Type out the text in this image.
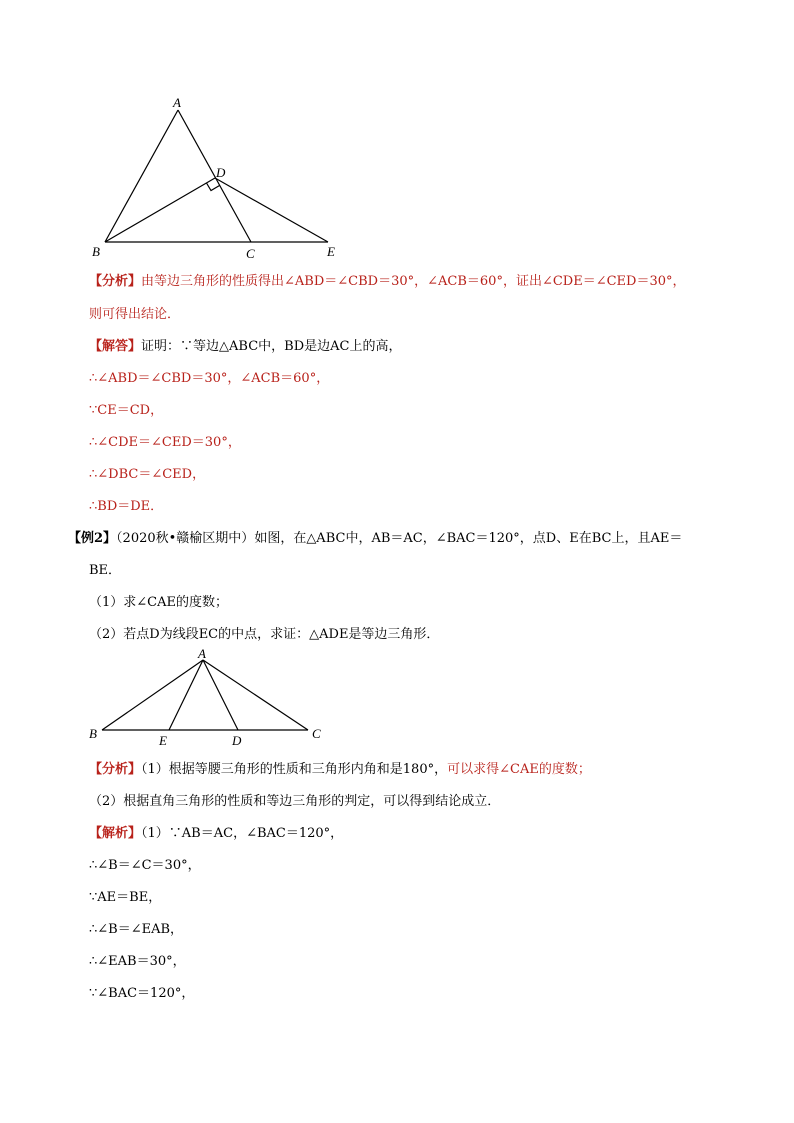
A
D
B	C	E
【分析】由等边三角形的性质得出∠ABD＝∠CBD＝30°，∠ACB＝60°，证出∠CDE＝∠CED＝30°，
则可得出结论．
【解答】证明：∵等边△ABC中，BD是边AC上的高，
∴∠ABD＝∠CBD＝30°，∠ACB＝60°，
∵CE＝CD，
∴∠CDE＝∠CED＝30°，
∴∠DBC＝∠CED，
∴BD＝DE．
【例2】（2020秋•赣榆区期中）如图，在△ABC中，AB＝AC，∠BAC＝120°，点D、E在BC上，且AE＝
BE．
（1）求∠CAE的度数；
（2）若点D为线段EC的中点，求证：△ADE是等边三角形．
A
B	E	D	C
【分析】（1）根据等腰三角形的性质和三角形内角和是180°，可以求得∠CAE的度数；
（2）根据直角三角形的性质和等边三角形的判定，可以得到结论成立．
【解析】（1）∵AB＝AC，∠BAC＝120°，
∴∠B＝∠C＝30°，
∵AE＝BE，
∴∠B＝∠EAB，
∴∠EAB＝30°，
∵∠BAC＝120°，
